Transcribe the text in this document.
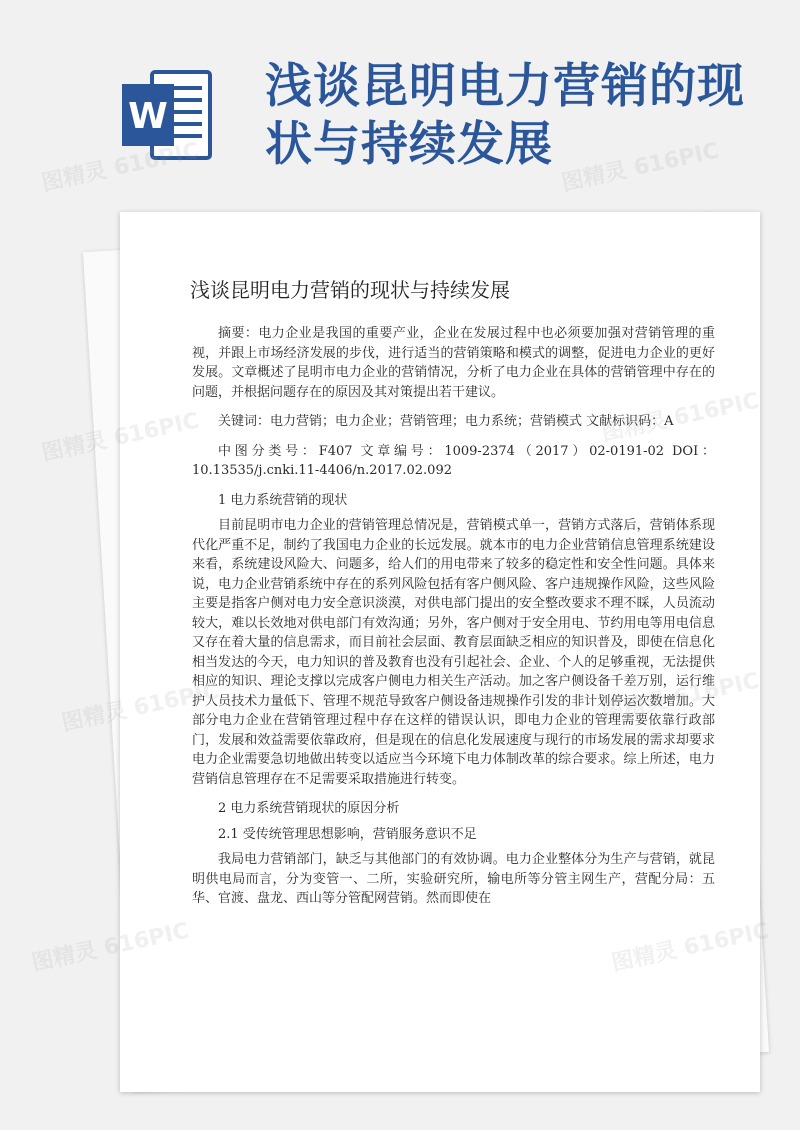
W
浅谈昆明电力营销的现状与持续发展
浅谈昆明电力营销的现状与持续发展

摘要：电力企业是我国的重要产业，企业在发展过程中也必须要加强对营销管理的重视，并跟上市场经济发展的步伐，进行适当的营销策略和模式的调整，促进电力企业的更好发展。文章概述了昆明市电力企业的营销情况，分析了电力企业在具体的营销管理中存在的问题，并根据问题存在的原因及其对策提出若干建议。

关键词：电力营销；电力企业；营销管理；电力系统；营销模式 文献标识码：A

中图分类号：F407 文章编号：1009-2374（2017）02-0191-02 DOI：10.13535/j.cnki.11-4406/n.2017.02.092

1 电力系统营销的现状

目前昆明市电力企业的营销管理总情况是，营销模式单一，营销方式落后，营销体系现代化严重不足，制约了我国电力企业的长远发展。就本市的电力企业营销信息管理系统建设来看，系统建设风险大、问题多，给人们的用电带来了较多的稳定性和安全性问题。具体来说，电力企业营销系统中存在的系列风险包括有客户侧风险、客户违规操作风险，这些风险主要是指客户侧对电力安全意识淡漠，对供电部门提出的安全整改要求不理不睬，人员流动较大，难以长效地对供电部门有效沟通；另外，客户侧对于安全用电、节约用电等用电信息又存在着大量的信息需求，而目前社会层面、教育层面缺乏相应的知识普及，即使在信息化相当发达的今天，电力知识的普及教育也没有引起社会、企业、个人的足够重视，无法提供相应的知识、理论支撑以完成客户侧电力相关生产活动。加之客户侧设备千差万别，运行维护人员技术力量低下、管理不规范导致客户侧设备违规操作引发的非计划停运次数增加。大部分电力企业在营销管理过程中存在这样的错误认识，即电力企业的管理需要依靠行政部门，发展和效益需要依靠政府，但是现在的信息化发展速度与现行的市场发展的需求却要求电力企业需要急切地做出转变以适应当今环境下电力体制改革的综合要求。综上所述，电力营销信息管理存在不足需要采取措施进行转变。

2 电力系统营销现状的原因分析

2.1 受传统管理思想影响，营销服务意识不足

我局电力营销部门，缺乏与其他部门的有效协调。电力企业整体分为生产与营销，就昆明供电局而言，分为变管一、二所，实验研究所，输电所等分管主网生产，营配分局：五华、官渡、盘龙、西山等分管配网营销。然而即使在

图精灵 616PIC	图精灵 616PIC
图精灵
图精灵
图精灵 616PIC
